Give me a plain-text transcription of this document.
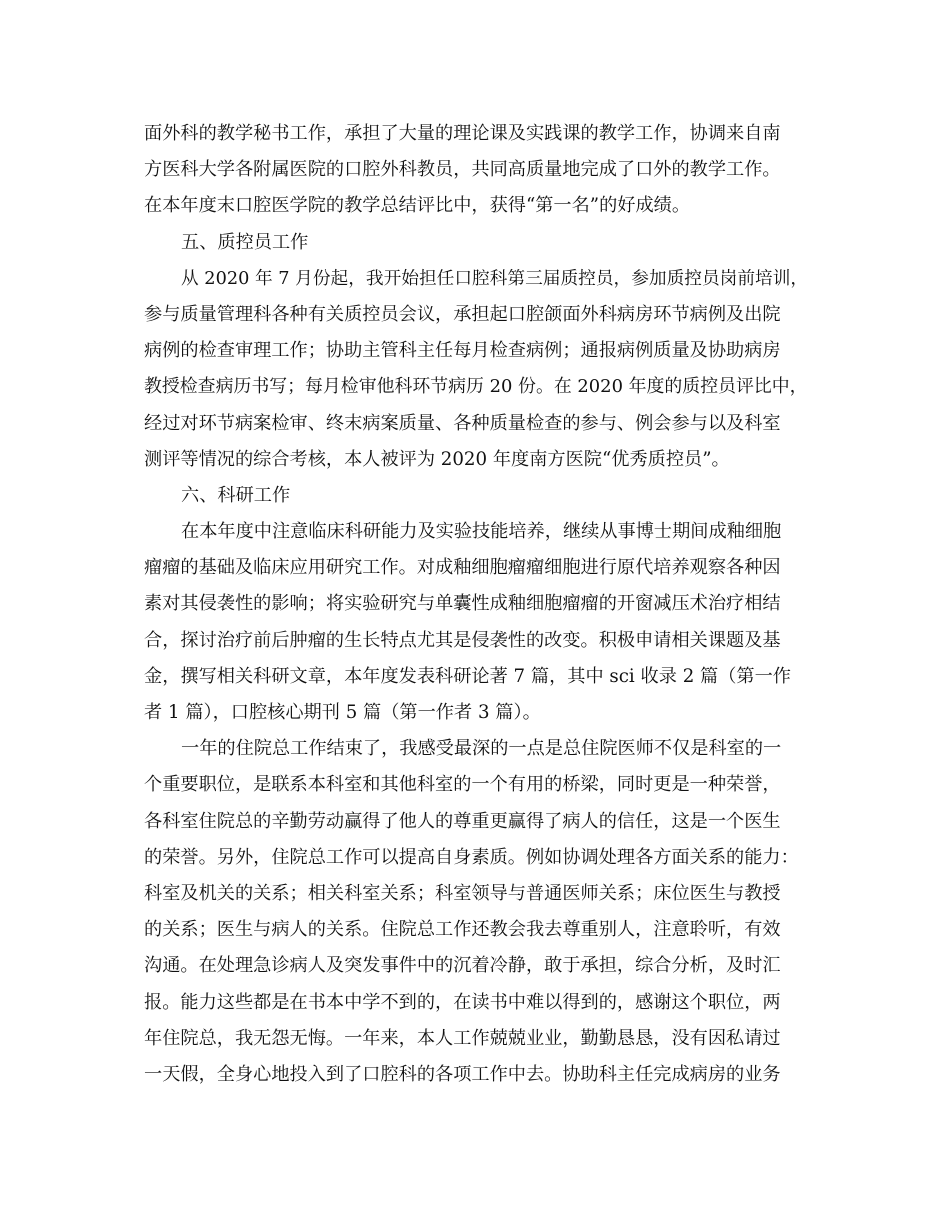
面外科的教学秘书工作，承担了大量的理论课及实践课的教学工作，协调来自南
方医科大学各附属医院的口腔外科教员，共同高质量地完成了口外的教学工作。
在本年度末口腔医学院的教学总结评比中，获得“第一名”的好成绩。
五、质控员工作
从 2020 年 7 月份起，我开始担任口腔科第三届质控员，参加质控员岗前培训，
参与质量管理科各种有关质控员会议，承担起口腔颌面外科病房环节病例及出院
病例的检查审理工作；协助主管科主任每月检查病例；通报病例质量及协助病房
教授检查病历书写；每月检审他科环节病历 20 份。在 2020 年度的质控员评比中，
经过对环节病案检审、终末病案质量、各种质量检查的参与、例会参与以及科室
测评等情况的综合考核，本人被评为 2020 年度南方医院“优秀质控员”。
六、科研工作
在本年度中注意临床科研能力及实验技能培养，继续从事博士期间成釉细胞
瘤瘤的基础及临床应用研究工作。对成釉细胞瘤瘤细胞进行原代培养观察各种因
素对其侵袭性的影响；将实验研究与单囊性成釉细胞瘤瘤的开窗减压术治疗相结
合，探讨治疗前后肿瘤的生长特点尤其是侵袭性的改变。积极申请相关课题及基
金，撰写相关科研文章，本年度发表科研论著 7 篇，其中 sci 收录 2 篇（第一作
者 1 篇），口腔核心期刊 5 篇（第一作者 3 篇）。
一年的住院总工作结束了，我感受最深的一点是总住院医师不仅是科室的一
个重要职位，是联系本科室和其他科室的一个有用的桥梁，同时更是一种荣誉，
各科室住院总的辛勤劳动赢得了他人的尊重更赢得了病人的信任，这是一个医生
的荣誉。另外，住院总工作可以提高自身素质。例如协调处理各方面关系的能力：
科室及机关的关系；相关科室关系；科室领导与普通医师关系；床位医生与教授
的关系；医生与病人的关系。住院总工作还教会我去尊重别人，注意聆听，有效
沟通。在处理急诊病人及突发事件中的沉着冷静，敢于承担，综合分析，及时汇
报。能力这些都是在书本中学不到的，在读书中难以得到的，感谢这个职位，两
年住院总，我无怨无悔。一年来，本人工作兢兢业业，勤勤恳恳，没有因私请过
一天假，全身心地投入到了口腔科的各项工作中去。协助科主任完成病房的业务
